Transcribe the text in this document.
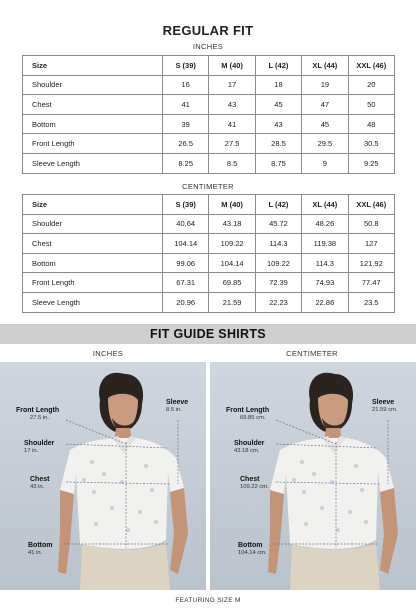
REGULAR FIT
INCHES
Size	S (39)	M (40)	L (42)	XL (44)	XXL (46)
Shoulder	16	17	18	19	20
Chest	41	43	45	47	50
Bottom	39	41	43	45	48
Front Length	26.5	27.5	28.5	29.5	30.5
Sleeve Length	8.25	8.5	8.75	9	9.25
CENTIMETER
Size	S (39)	M (40)	L (42)	XL (44)	XXL (46)
Shoulder	40.64	43.18	45.72	48.26	50.8
Chest	104.14	109.22	114.3	119.38	127
Bottom	99.06	104.14	109.22	114.3	121.92
Front Length	67.31	69.85	72.39	74.93	77.47
Sleeve Length	20.96	21.59	22.23	22.86	23.5
FIT GUIDE SHIRTS
INCHES	CENTIMETER
Front Length
27.5 in.
Shoulder
17 in.
Chest
43 in.
Bottom
41 in.
Sleeve
8.5 in.	Front Length
69.85 cm.
Shoulder
43.18 cm.
Chest
109.22 cm.
Bottom
104.14 cm.
Sleeve
21.59 cm.
FEATURING SIZE M
